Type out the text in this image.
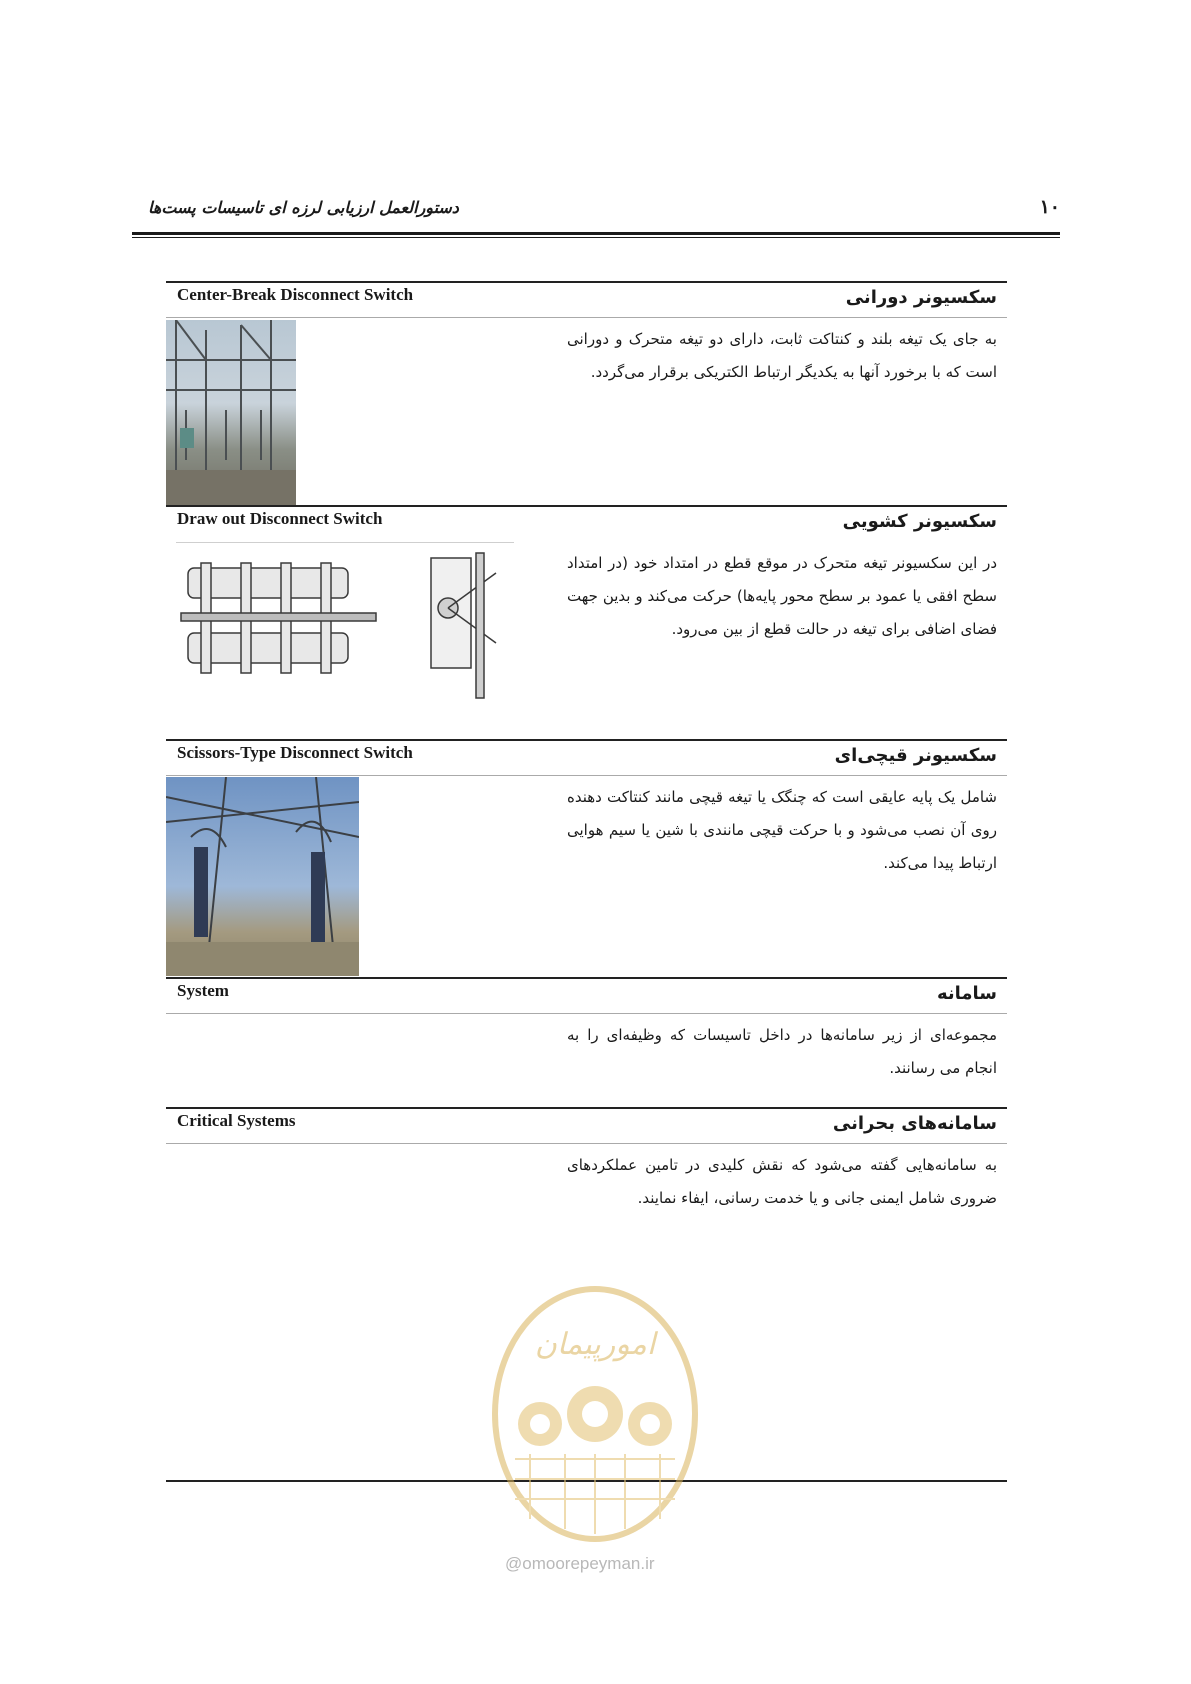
۱۰
دستورالعمل ارزیابی لرزه ای تاسیسات پست‌ها
Center-Break Disconnect Switch	سکسیونر دورانی
به جای یک تیغه بلند و کنتاکت ثابت، دارای دو تیغه متحرک و دورانی است که با برخورد آنها به یکدیگر ارتباط الکتریکی برقرار می‌گردد.
Draw out Disconnect Switch	سکسیونر کشویی
در این سکسیونر تیغه متحرک در موقع قطع در امتداد خود (در امتداد سطح افقی یا عمود بر سطح محور پایه‌ها) حرکت می‌کند و بدین جهت فضای اضافی برای تیغه در حالت قطع از بین می‌رود.
Scissors-Type Disconnect Switch	سکسیونر قیچی‌ای
شامل یک پایه عایقی است که چنگک یا تیغه قیچی مانند کنتاکت دهنده روی آن نصب می‌شود و با حرکت قیچی مانندی با شین یا سیم هوایی ارتباط پیدا می‌کند.
System	سامانه
مجموعه‌ای از زیر سامانه‌ها در داخل تاسیسات که وظیفه‌ای را به انجام می رسانند.
Critical Systems	سامانه‌های بحرانی
به سامانه‌هایی گفته می‌شود که نقش کلیدی در تامین عملکردهای ضروری شامل ایمنی جانی و یا خدمت رسانی، ایفاء نمایند.
امورپیمان
@omoorepeyman.ir
